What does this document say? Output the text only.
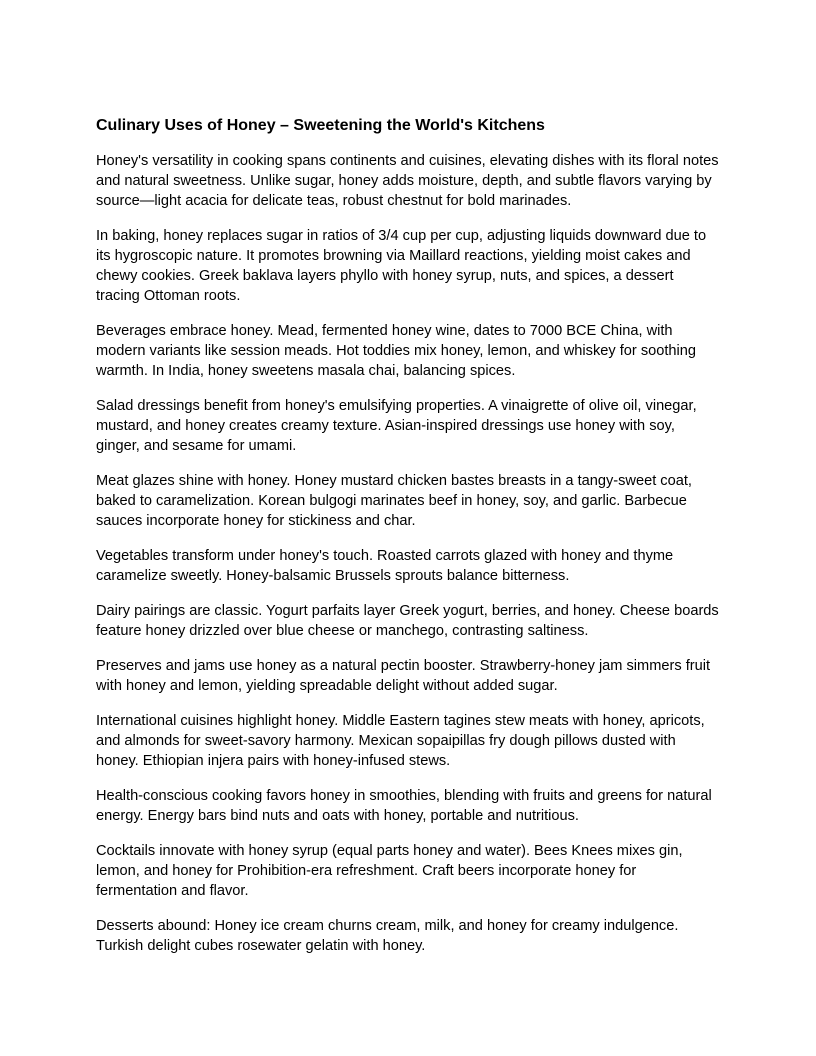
Culinary Uses of Honey – Sweetening the World's Kitchens

Honey's versatility in cooking spans continents and cuisines, elevating dishes with its floral notes and natural sweetness. Unlike sugar, honey adds moisture, depth, and subtle flavors varying by source—light acacia for delicate teas, robust chestnut for bold marinades.

In baking, honey replaces sugar in ratios of 3/4 cup per cup, adjusting liquids downward due to its hygroscopic nature. It promotes browning via Maillard reactions, yielding moist cakes and chewy cookies. Greek baklava layers phyllo with honey syrup, nuts, and spices, a dessert tracing Ottoman roots.

Beverages embrace honey. Mead, fermented honey wine, dates to 7000 BCE China, with modern variants like session meads. Hot toddies mix honey, lemon, and whiskey for soothing warmth. In India, honey sweetens masala chai, balancing spices.

Salad dressings benefit from honey's emulsifying properties. A vinaigrette of olive oil, vinegar, mustard, and honey creates creamy texture. Asian-inspired dressings use honey with soy, ginger, and sesame for umami.

Meat glazes shine with honey. Honey mustard chicken bastes breasts in a tangy-sweet coat, baked to caramelization. Korean bulgogi marinates beef in honey, soy, and garlic. Barbecue sauces incorporate honey for stickiness and char.

Vegetables transform under honey's touch. Roasted carrots glazed with honey and thyme caramelize sweetly. Honey-balsamic Brussels sprouts balance bitterness.

Dairy pairings are classic. Yogurt parfaits layer Greek yogurt, berries, and honey. Cheese boards feature honey drizzled over blue cheese or manchego, contrasting saltiness.

Preserves and jams use honey as a natural pectin booster. Strawberry-honey jam simmers fruit with honey and lemon, yielding spreadable delight without added sugar.

International cuisines highlight honey. Middle Eastern tagines stew meats with honey, apricots, and almonds for sweet-savory harmony. Mexican sopaipillas fry dough pillows dusted with honey. Ethiopian injera pairs with honey-infused stews.

Health-conscious cooking favors honey in smoothies, blending with fruits and greens for natural energy. Energy bars bind nuts and oats with honey, portable and nutritious.

Cocktails innovate with honey syrup (equal parts honey and water). Bees Knees mixes gin, lemon, and honey for Prohibition-era refreshment. Craft beers incorporate honey for fermentation and flavor.

Desserts abound: Honey ice cream churns cream, milk, and honey for creamy indulgence. Turkish delight cubes rosewater gelatin with honey.
